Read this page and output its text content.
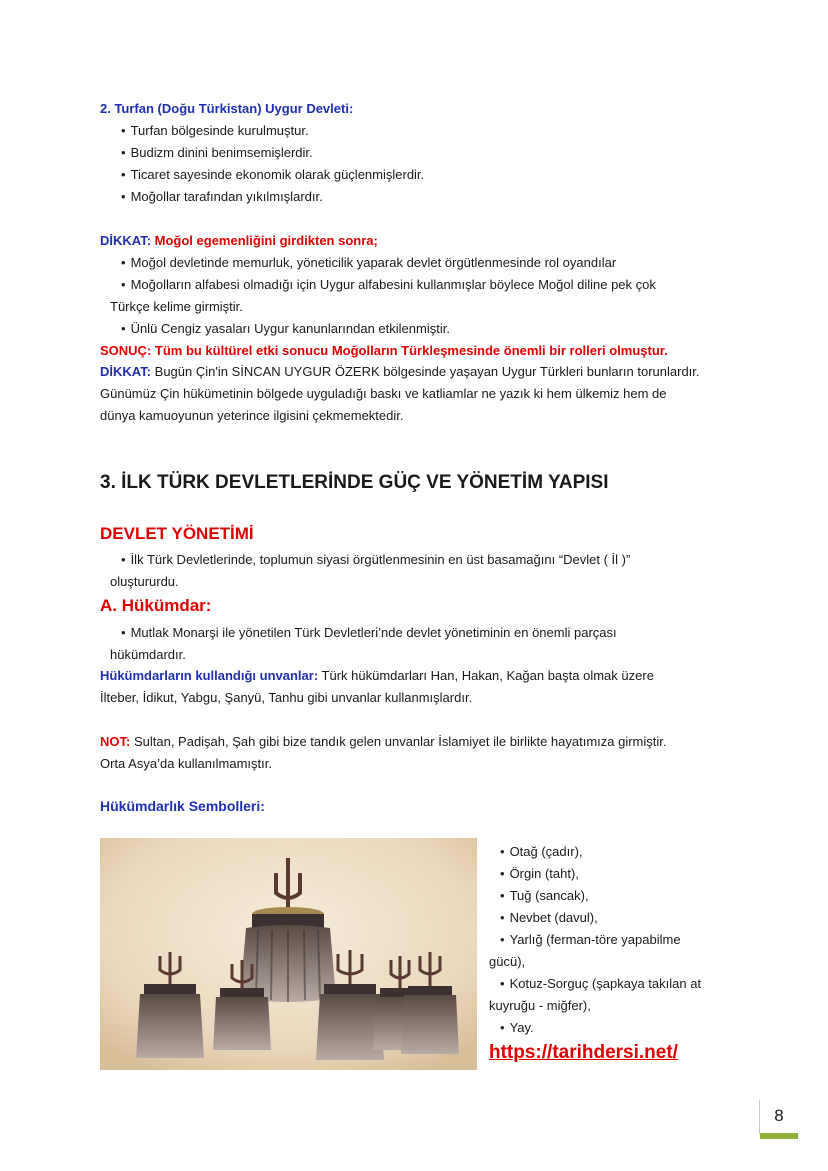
2. Turfan (Doğu Türkistan) Uygur Devleti:
• Turfan bölgesinde kurulmuştur.
• Budizm dinini benimsemişlerdir.
• Ticaret sayesinde ekonomik olarak güçlenmişlerdir.
• Moğollar tarafından yıkılmışlardır.
DİKKAT: Moğol egemenliğini girdikten sonra;
• Moğol devletinde memurluk, yöneticilik yaparak devlet örgütlenmesinde rol oyandılar
• Moğolların alfabesi olmadığı için Uygur alfabesini kullanmışlar böylece Moğol diline pek çok
Türkçe kelime girmiştir.
• Ünlü Cengiz yasaları Uygur kanunlarından etkilenmiştir.
SONUÇ: Tüm bu kültürel etki sonucu Moğolların Türkleşmesinde önemli bir rolleri olmuştur.
DİKKAT: Bugün Çin'in SİNCAN UYGUR ÖZERK bölgesinde yaşayan Uygur Türkleri bunların torunlardır.
Günümüz Çin hükümetinin bölgede uyguladığı baskı ve katliamlar ne yazık ki hem ülkemiz hem de
dünya kamuoyunun yeterince ilgisini çekmemektedir.
3. İLK TÜRK DEVLETLERİNDE GÜÇ VE YÖNETİM YAPISI
DEVLET YÖNETİMİ
• İlk Türk Devletlerinde, toplumun siyasi örgütlenmesinin en üst basamağını “Devlet ( İl )”
oluştururdu.
A. Hükümdar:
• Mutlak Monarşi ile yönetilen Türk Devletleri’nde devlet yönetiminin en önemli parçası
hükümdardır.
Hükümdarların kullandığı unvanlar: Türk hükümdarları Han, Hakan, Kağan başta olmak üzere
İlteber, İdikut, Yabgu, Şanyü, Tanhu gibi unvanlar kullanmışlardır.
NOT: Sultan, Padişah, Şah gibi bize tandık gelen unvanlar İslamiyet ile birlikte hayatımıza girmiştir.
Orta Asya’da kullanılmamıştır.
Hükümdarlık Sembolleri:
• Otağ (çadır),
• Örgin (taht),
• Tuğ (sancak),
• Nevbet (davul),
• Yarlığ (ferman-töre yapabilme
gücü),
• Kotuz-Sorguç (şapkaya takılan at
kuyruğu - miğfer),
• Yay.
https://tarihdersi.net/
8
